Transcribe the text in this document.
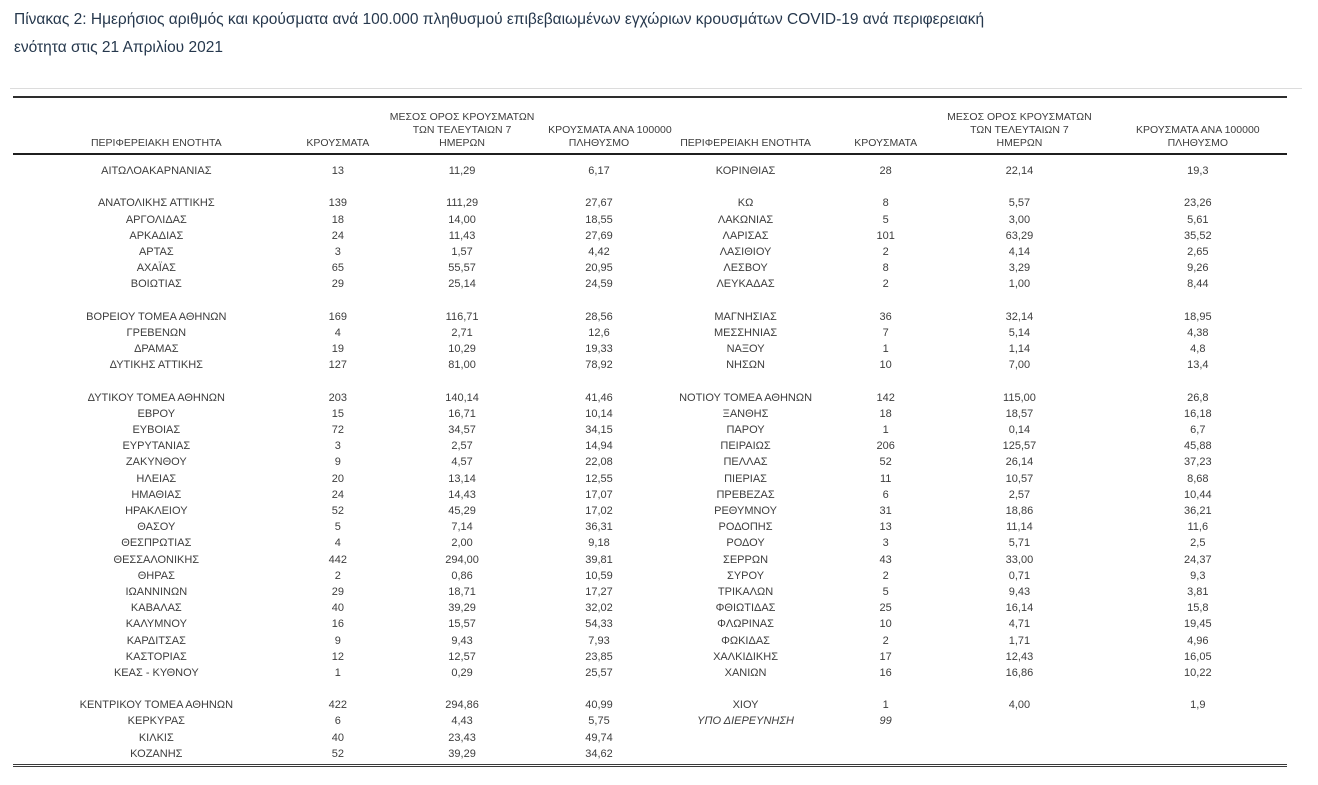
Πίνακας 2: Ημερήσιος αριθμός και κρούσματα ανά 100.000 πληθυσμού επιβεβαιωμένων εγχώριων κρουσμάτων COVID-19 ανά περιφερειακή
ενότητα στις 21 Απριλίου 2021
ΠΕΡΙΦΕΡΕΙΑΚΗ ΕΝΟΤΗΤΑ	ΚΡΟΥΣΜΑΤΑ
ΜΕΣΟΣ ΟΡΟΣ ΚΡΟΥΣΜΑΤΩΝ
ΤΩΝ ΤΕΛΕΥΤΑΙΩΝ 7
ΗΜΕΡΩΝ
ΚΡΟΥΣΜΑΤΑ ΑΝΑ 100000
ΠΛΗΘΥΣΜΟ
ΑΙΤΩΛΟΑΚΑΡΝΑΝΙΑΣ	13	11,29	6,17
ΑΝΑΤΟΛΙΚΗΣ ΑΤΤΙΚΗΣ	139	111,29	27,67
ΑΡΓΟΛΙΔΑΣ	18	14,00	18,55
ΑΡΚΑΔΙΑΣ	24	11,43	27,69
ΑΡΤΑΣ	3	1,57	4,42
ΑΧΑΪΑΣ	65	55,57	20,95
ΒΟΙΩΤΙΑΣ	29	25,14	24,59
ΒΟΡΕΙΟΥ ΤΟΜΕΑ ΑΘΗΝΩΝ	169	116,71	28,56
ΓΡΕΒΕΝΩΝ	4	2,71	12,6
ΔΡΑΜΑΣ	19	10,29	19,33
ΔΥΤΙΚΗΣ ΑΤΤΙΚΗΣ	127	81,00	78,92
ΔΥΤΙΚΟΥ ΤΟΜΕΑ ΑΘΗΝΩΝ	203	140,14	41,46
ΕΒΡΟΥ	15	16,71	10,14
ΕΥΒΟΙΑΣ	72	34,57	34,15
ΕΥΡΥΤΑΝΙΑΣ	3	2,57	14,94
ΖΑΚΥΝΘΟΥ	9	4,57	22,08
ΗΛΕΙΑΣ	20	13,14	12,55
ΗΜΑΘΙΑΣ	24	14,43	17,07
ΗΡΑΚΛΕΙΟΥ	52	45,29	17,02
ΘΑΣΟΥ	5	7,14	36,31
ΘΕΣΠΡΩΤΙΑΣ	4	2,00	9,18
ΘΕΣΣΑΛΟΝΙΚΗΣ	442	294,00	39,81
ΘΗΡΑΣ	2	0,86	10,59
ΙΩΑΝΝΙΝΩΝ	29	18,71	17,27
ΚΑΒΑΛΑΣ	40	39,29	32,02
ΚΑΛΥΜΝΟΥ	16	15,57	54,33
ΚΑΡΔΙΤΣΑΣ	9	9,43	7,93
ΚΑΣΤΟΡΙΑΣ	12	12,57	23,85
ΚΕΑΣ - ΚΥΘΝΟΥ	1	0,29	25,57
ΚΕΝΤΡΙΚΟΥ ΤΟΜΕΑ ΑΘΗΝΩΝ	422	294,86	40,99
ΚΕΡΚΥΡΑΣ	6	4,43	5,75
ΚΙΛΚΙΣ	40	23,43	49,74
ΚΟΖΑΝΗΣ	52	39,29	34,62
ΠΕΡΙΦΕΡΕΙΑΚΗ ΕΝΟΤΗΤΑ	ΚΡΟΥΣΜΑΤΑ
ΜΕΣΟΣ ΟΡΟΣ ΚΡΟΥΣΜΑΤΩΝ
ΤΩΝ ΤΕΛΕΥΤΑΙΩΝ 7
ΗΜΕΡΩΝ
ΚΡΟΥΣΜΑΤΑ ΑΝΑ 100000
ΠΛΗΘΥΣΜΟ
ΚΟΡΙΝΘΙΑΣ	28	22,14	19,3
ΚΩ	8	5,57	23,26
ΛΑΚΩΝΙΑΣ	5	3,00	5,61
ΛΑΡΙΣΑΣ	101	63,29	35,52
ΛΑΣΙΘΙΟΥ	2	4,14	2,65
ΛΕΣΒΟΥ	8	3,29	9,26
ΛΕΥΚΑΔΑΣ	2	1,00	8,44
ΜΑΓΝΗΣΙΑΣ	36	32,14	18,95
ΜΕΣΣΗΝΙΑΣ	7	5,14	4,38
ΝΑΞΟΥ	1	1,14	4,8
ΝΗΣΩΝ	10	7,00	13,4
ΝΟΤΙΟΥ ΤΟΜΕΑ ΑΘΗΝΩΝ	142	115,00	26,8
ΞΑΝΘΗΣ	18	18,57	16,18
ΠΑΡΟΥ	1	0,14	6,7
ΠΕΙΡΑΙΩΣ	206	125,57	45,88
ΠΕΛΛΑΣ	52	26,14	37,23
ΠΙΕΡΙΑΣ	11	10,57	8,68
ΠΡΕΒΕΖΑΣ	6	2,57	10,44
ΡΕΘΥΜΝΟΥ	31	18,86	36,21
ΡΟΔΟΠΗΣ	13	11,14	11,6
ΡΟΔΟΥ	3	5,71	2,5
ΣΕΡΡΩΝ	43	33,00	24,37
ΣΥΡΟΥ	2	0,71	9,3
ΤΡΙΚΑΛΩΝ	5	9,43	3,81
ΦΘΙΩΤΙΔΑΣ	25	16,14	15,8
ΦΛΩΡΙΝΑΣ	10	4,71	19,45
ΦΩΚΙΔΑΣ	2	1,71	4,96
ΧΑΛΚΙΔΙΚΗΣ	17	12,43	16,05
ΧΑΝΙΩΝ	16	16,86	10,22
ΧΙΟΥ	1	4,00	1,9
ΥΠΟ ΔΙΕΡΕΥΝΗΣΗ	99
